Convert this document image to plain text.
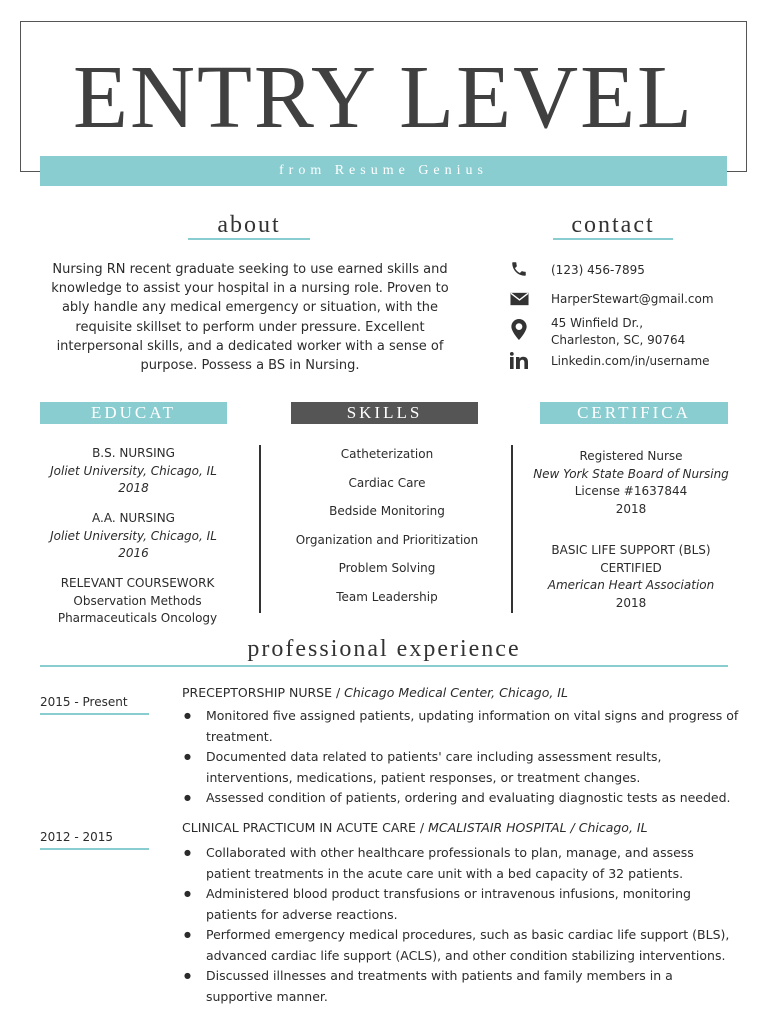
ENTRY LEVEL
from Resume Genius
about
Nursing RN recent graduate seeking to use earned skills and knowledge to assist your hospital in a nursing role. Proven to ably handle any medical emergency or situation, with the requisite skillset to perform under pressure. Excellent interpersonal skills, and a dedicated worker with a sense of purpose. Possess a BS in Nursing.
contact
(123) 456-7895
HarperStewart@gmail.com
45 Winfield Dr.,
Charleston, SC, 90764
Linkedin.com/in/username
EDUCAT	SKILLS	CERTIFICA
B.S. NURSING
Joliet University, Chicago, IL
2018
A.A. NURSING
Joliet University, Chicago, IL
2016
RELEVANT COURSEWORK
Observation Methods
Pharmaceuticals Oncology
Catheterization
Cardiac Care
Bedside Monitoring
Organization and Prioritization
Problem Solving
Team Leadership
Registered Nurse
New York State Board of Nursing
License #1637844
2018
BASIC LIFE SUPPORT (BLS)
CERTIFIED
American Heart Association
2018
professional experience
2015 - Present
PRECEPTORSHIP NURSE / Chicago Medical Center, Chicago, IL
● Monitored five assigned patients, updating information on vital signs and progress of treatment.
● Documented data related to patients' care including assessment results, interventions, medications, patient responses, or treatment changes.
● Assessed condition of patients, ordering and evaluating diagnostic tests as needed.
2012 - 2015
CLINICAL PRACTICUM IN ACUTE CARE / MCALISTAIR HOSPITAL / Chicago, IL
● Collaborated with other healthcare professionals to plan, manage, and assess patient treatments in the acute care unit with a bed capacity of 32 patients.
● Administered blood product transfusions or intravenous infusions, monitoring patients for adverse reactions.
● Performed emergency medical procedures, such as basic cardiac life support (BLS), advanced cardiac life support (ACLS), and other condition stabilizing interventions.
● Discussed illnesses and treatments with patients and family members in a supportive manner.
